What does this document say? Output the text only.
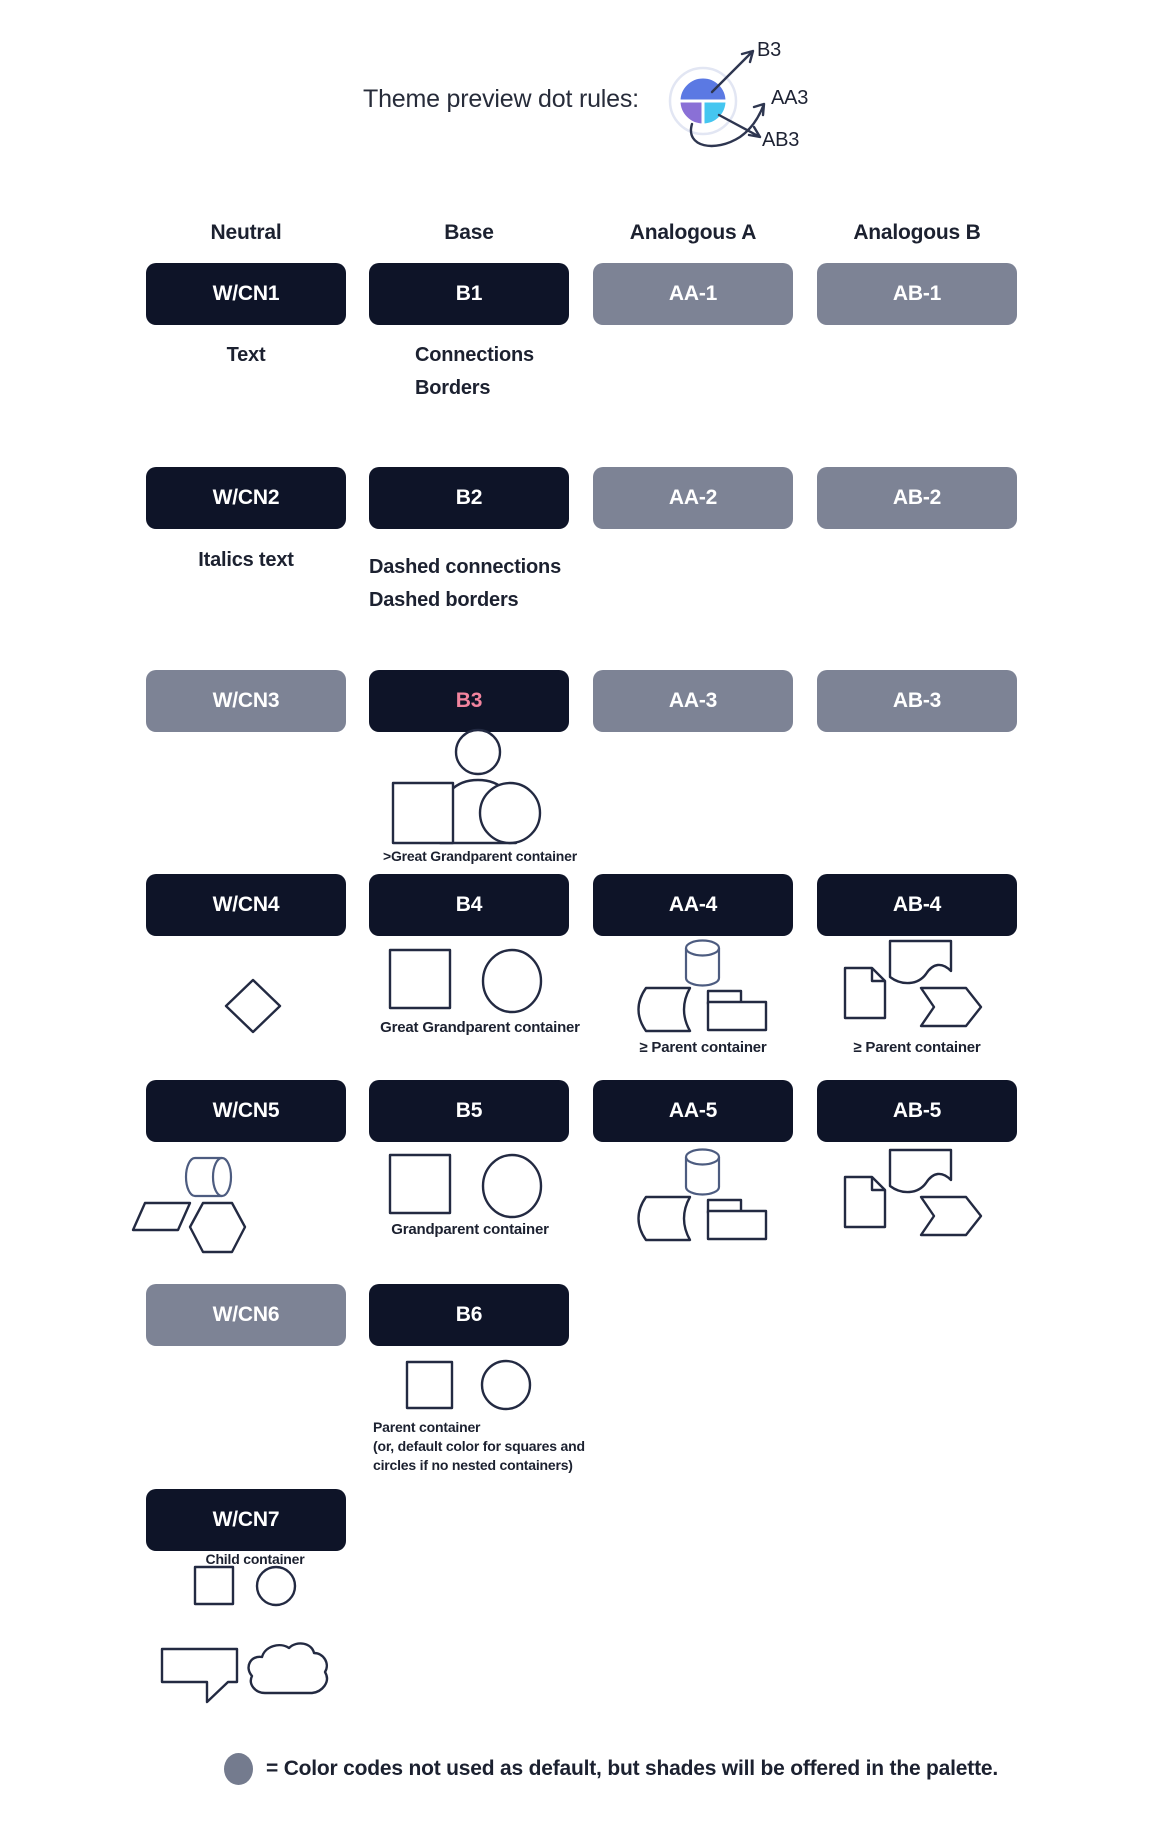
Theme preview dot rules:
B3
AA3
AB3
Neutral	Base	Analogous A	Analogous B
W/CN1	B1	AA-1	AB-1
W/CN2	B2	AA-2	AB-2
W/CN3	B3	AA-3	AB-3
W/CN4	B4	AA-4	AB-4
W/CN5	B5	AA-5	AB-5
W/CN6	B6
W/CN7
Text	Connections
Borders
Italics text	Dashed connections
Dashed borders
>Great Grandparent container
Great Grandparent container
≥ Parent container	≥ Parent container
Grandparent container
Parent container
(or, default color for squares and
circles if no nested containers)
Child container
= Color codes not used as default, but shades will be offered in the palette.
